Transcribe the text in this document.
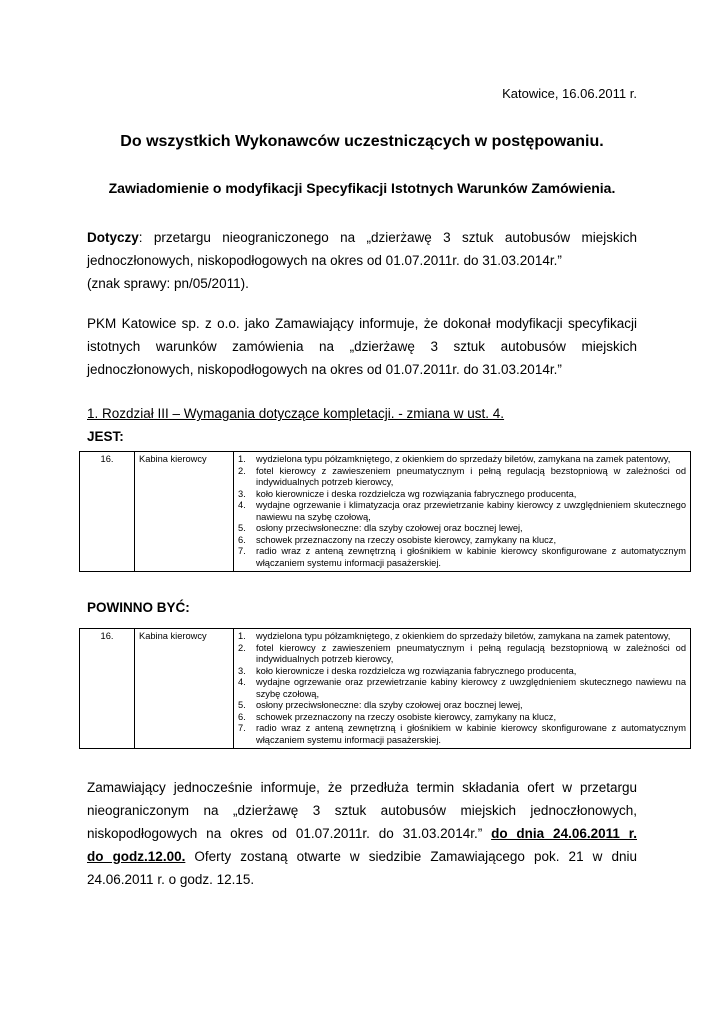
Katowice, 16.06.2011 r.
Do wszystkich Wykonawców uczestniczących w postępowaniu.
Zawiadomienie o modyfikacji Specyfikacji Istotnych Warunków Zamówienia.
Dotyczy: przetargu nieograniczonego na „dzierżawę 3 sztuk autobusów miejskich
jednoczłonowych, niskopodłogowych na okres od 01.07.2011r. do 31.03.2014r.”
(znak sprawy: pn/05/2011).
PKM Katowice sp. z o.o. jako Zamawiający informuje, że dokonał modyfikacji specyfikacji
istotnych warunków zamówienia na „dzierżawę 3 sztuk autobusów miejskich
jednoczłonowych, niskopodłogowych na okres od 01.07.2011r. do 31.03.2014r.”
1. Rozdział III – Wymagania dotyczące kompletacji. - zmiana w ust. 4.
JEST:
16.	Kabina kierowcy	1.	wydzielona typu półzamkniętego, z okienkiem do sprzedaży biletów, zamykana na zamek patentowy,
2.	fotel kierowcy z zawieszeniem pneumatycznym i pełną regulacją bezstopniową w zależności od indywidualnych potrzeb kierowcy,
3.	koło kierownicze i deska rozdzielcza wg rozwiązania fabrycznego producenta,
4.	wydajne ogrzewanie i klimatyzacja oraz przewietrzanie kabiny kierowcy z uwzględnieniem skutecznego nawiewu na szybę czołową,
5.	osłony przeciwsłoneczne: dla szyby czołowej oraz bocznej lewej,
6.	schowek przeznaczony na rzeczy osobiste kierowcy, zamykany na klucz,
7.	radio wraz z anteną zewnętrzną i głośnikiem w kabinie kierowcy skonfigurowane z automatycznym włączaniem systemu informacji pasażerskiej.
POWINNO BYĆ:
16.	Kabina kierowcy	1.	wydzielona typu półzamkniętego, z okienkiem do sprzedaży biletów, zamykana na zamek patentowy,
2.	fotel kierowcy z zawieszeniem pneumatycznym i pełną regulacją bezstopniową w zależności od indywidualnych potrzeb kierowcy,
3.	koło kierownicze i deska rozdzielcza wg rozwiązania fabrycznego producenta,
4.	wydajne ogrzewanie oraz przewietrzanie kabiny kierowcy z uwzględnieniem skutecznego nawiewu na szybę czołową,
5.	osłony przeciwsłoneczne: dla szyby czołowej oraz bocznej lewej,
6.	schowek przeznaczony na rzeczy osobiste kierowcy, zamykany na klucz,
7.	radio wraz z anteną zewnętrzną i głośnikiem w kabinie kierowcy skonfigurowane z automatycznym włączaniem systemu informacji pasażerskiej.
Zamawiający jednocześnie informuje, że przedłuża termin składania ofert w przetargu
nieograniczonym na „dzierżawę 3 sztuk autobusów miejskich jednoczłonowych,
niskopodłogowych na okres od 01.07.2011r. do 31.03.2014r.” do dnia 24.06.2011 r.
do godz.12.00. Oferty zostaną otwarte w siedzibie Zamawiającego pok. 21 w dniu
24.06.2011 r. o godz. 12.15.
